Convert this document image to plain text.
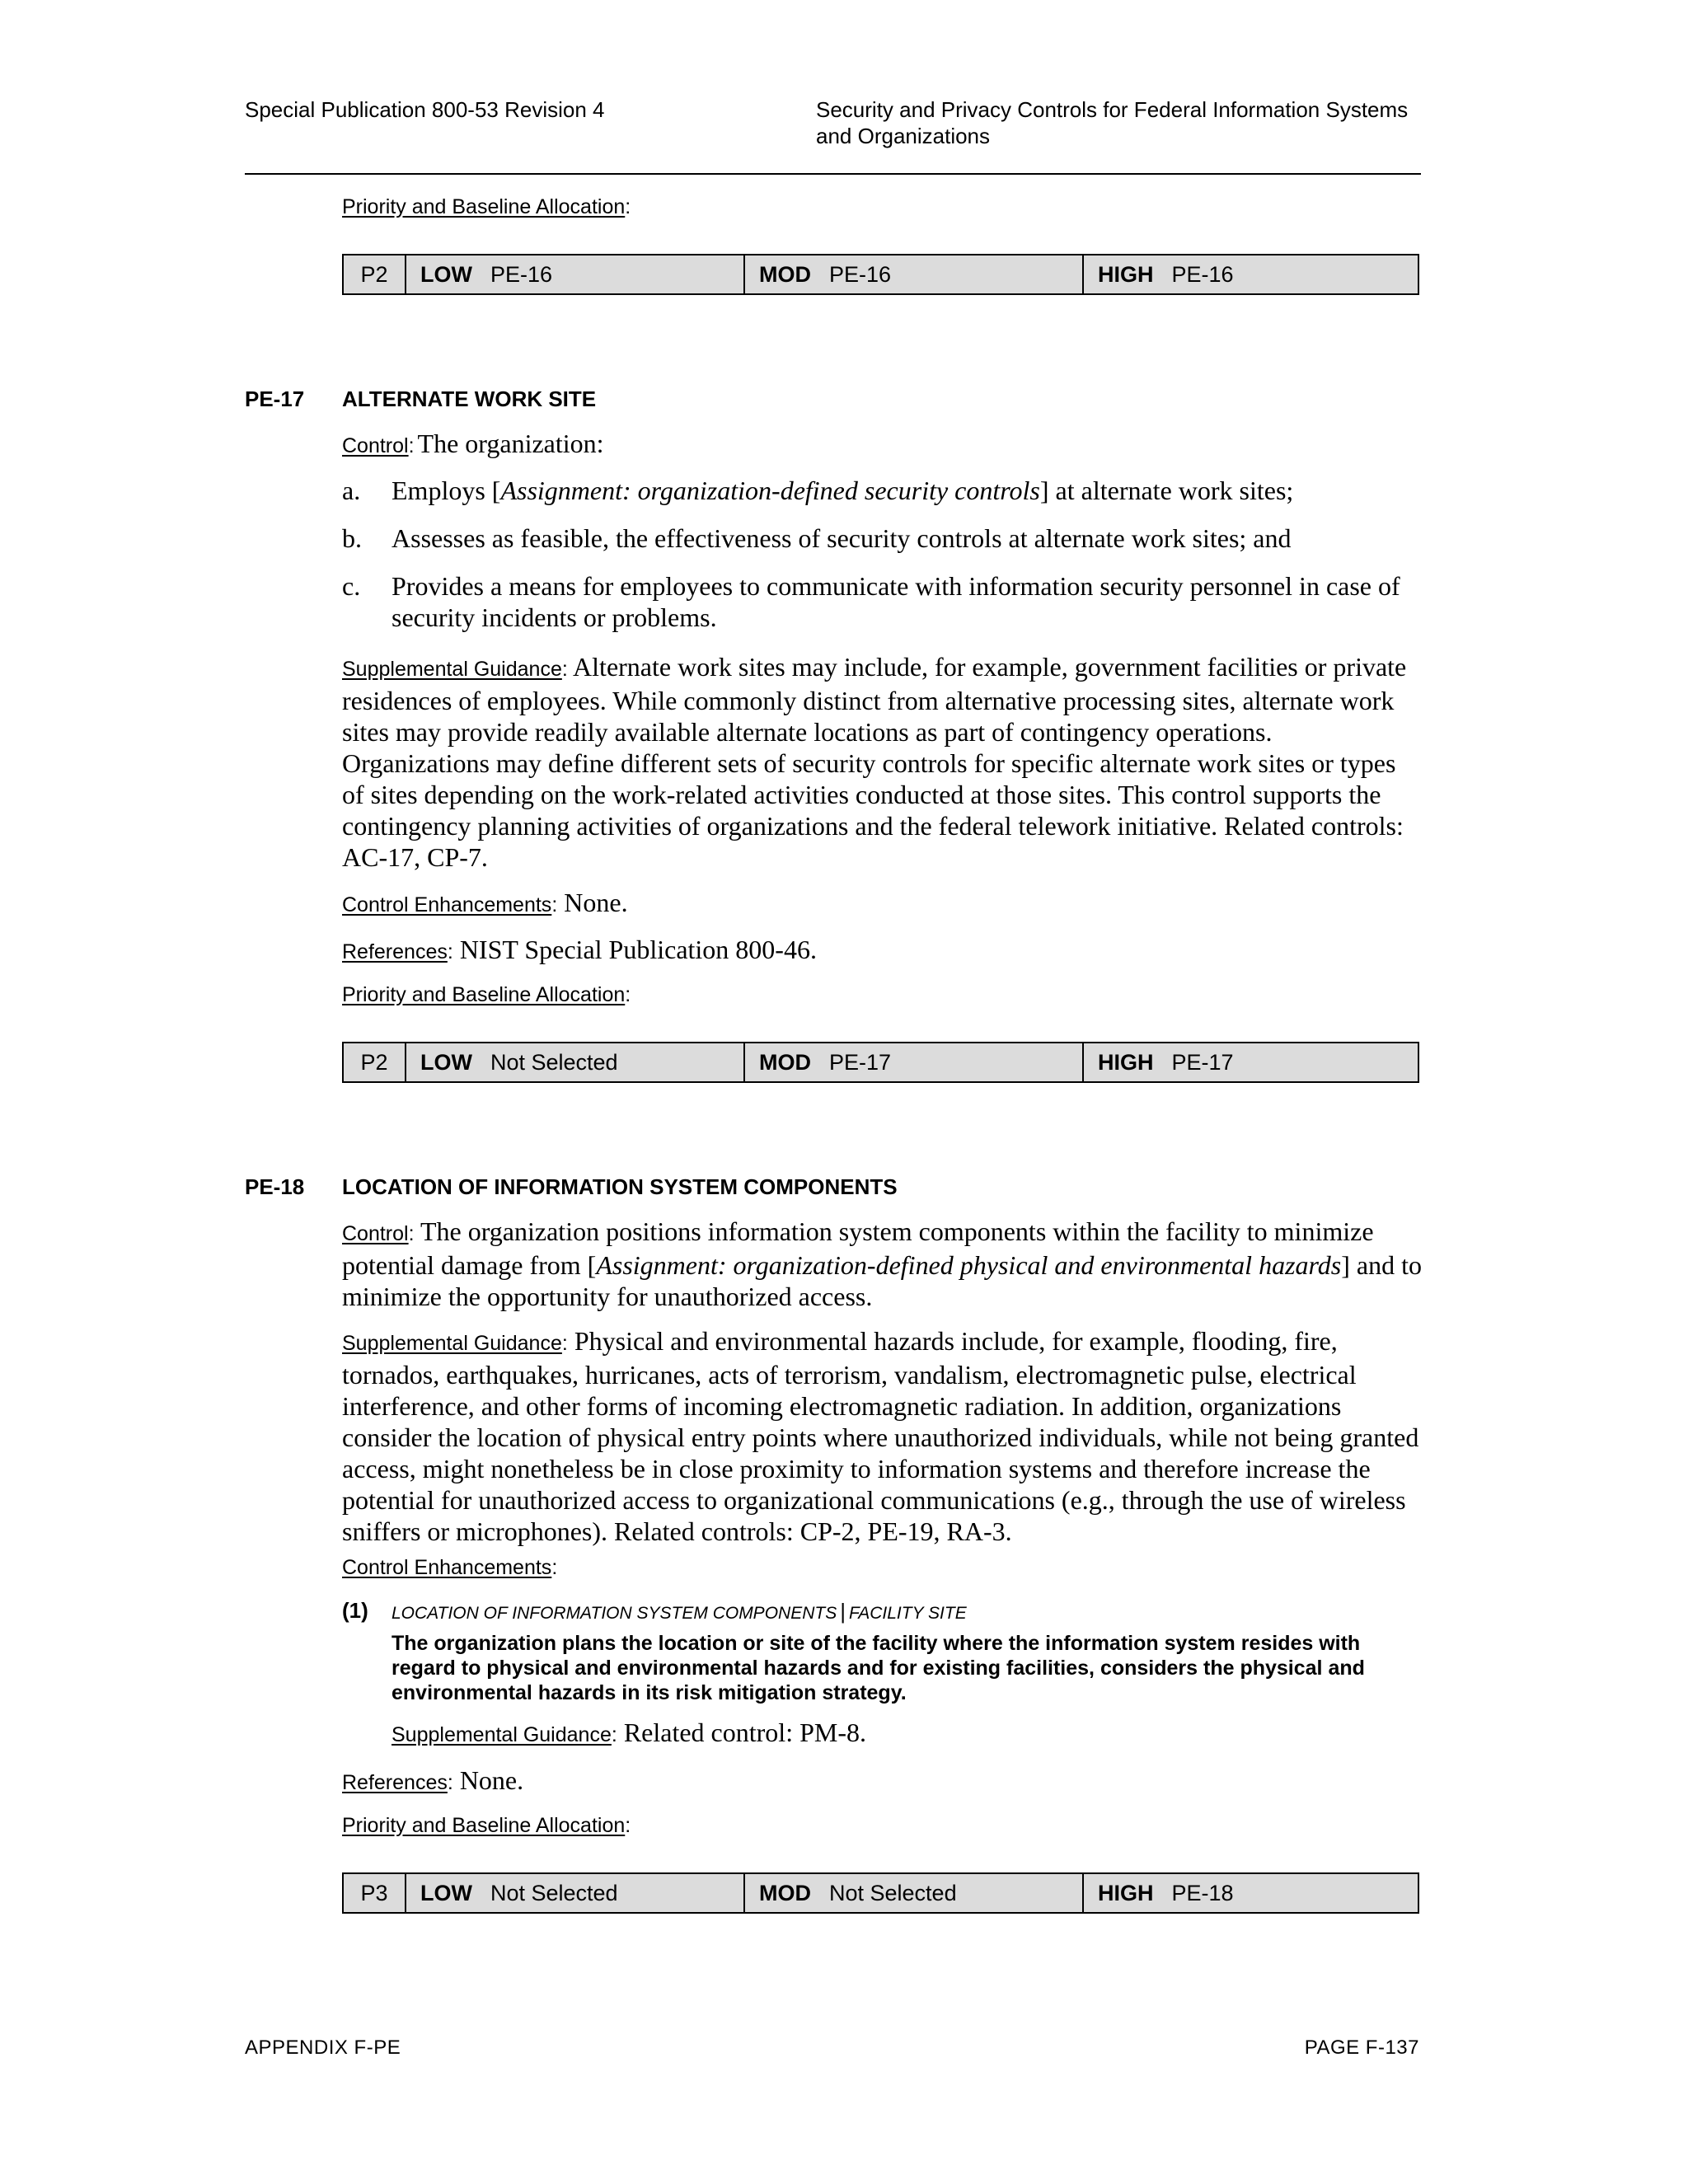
Special Publication 800-53 Revision 4	Security and Privacy Controls for Federal Information Systems
and Organizations
Priority and Baseline Allocation:
P2	LOW PE-16	MOD PE-16	HIGH PE-16
PE-17 ALTERNATE WORK SITE
Control: The organization:
a. Employs [Assignment: organization-defined security controls] at alternate work sites;
b. Assesses as feasible, the effectiveness of security controls at alternate work sites; and
c. Provides a means for employees to communicate with information security personnel in case of security incidents or problems.
Supplemental Guidance: Alternate work sites may include, for example, government facilities or private residences of employees. While commonly distinct from alternative processing sites, alternate work sites may provide readily available alternate locations as part of contingency operations. Organizations may define different sets of security controls for specific alternate work sites or types of sites depending on the work-related activities conducted at those sites. This control supports the contingency planning activities of organizations and the federal telework initiative. Related controls: AC-17, CP-7.
Control Enhancements: None.
References: NIST Special Publication 800-46.
Priority and Baseline Allocation:
P2	LOW Not Selected	MOD PE-17	HIGH PE-17
PE-18 LOCATION OF INFORMATION SYSTEM COMPONENTS
Control: The organization positions information system components within the facility to minimize potential damage from [Assignment: organization-defined physical and environmental hazards] and to minimize the opportunity for unauthorized access.
Supplemental Guidance: Physical and environmental hazards include, for example, flooding, fire, tornados, earthquakes, hurricanes, acts of terrorism, vandalism, electromagnetic pulse, electrical interference, and other forms of incoming electromagnetic radiation. In addition, organizations consider the location of physical entry points where unauthorized individuals, while not being granted access, might nonetheless be in close proximity to information systems and therefore increase the potential for unauthorized access to organizational communications (e.g., through the use of wireless sniffers or microphones). Related controls: CP-2, PE-19, RA-3.
Control Enhancements:
(1) LOCATION OF INFORMATION SYSTEM COMPONENTS | FACILITY SITE
The organization plans the location or site of the facility where the information system resides with regard to physical and environmental hazards and for existing facilities, considers the physical and environmental hazards in its risk mitigation strategy.
Supplemental Guidance: Related control: PM-8.
References: None.
Priority and Baseline Allocation:
P3	LOW Not Selected	MOD Not Selected	HIGH PE-18
APPENDIX F-PE	PAGE F-137
